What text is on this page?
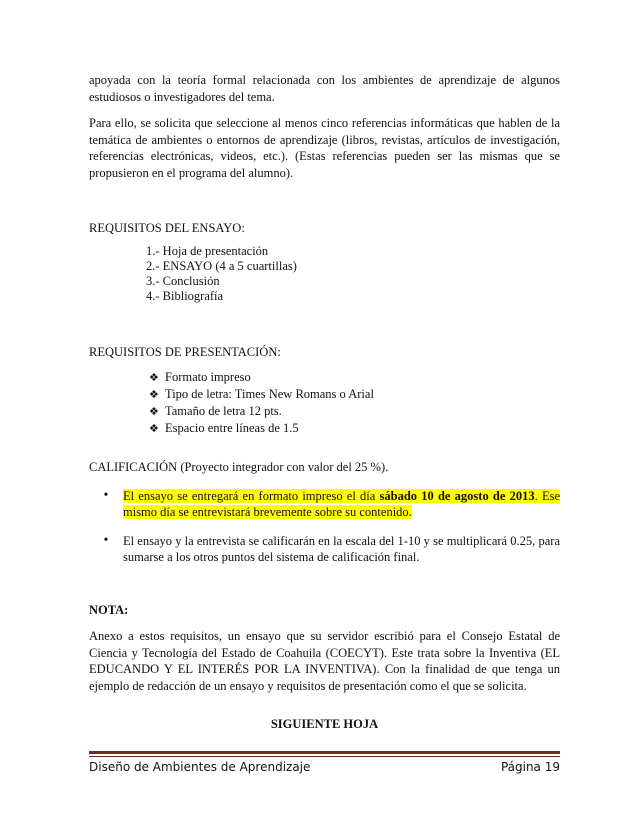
apoyada con la teoría formal relacionada con los ambientes de aprendizaje de algunos estudiosos o investigadores del tema.

Para ello, se solicita que seleccione al menos cinco referencias informáticas que hablen de la temática de ambientes o entornos de aprendizaje (libros, revistas, artículos de investigación, referencias electrónicas, videos, etc.). (Estas referencias pueden ser las mismas que se propusieron en el programa del alumno).

REQUISITOS DEL ENSAYO:

1.- Hoja de presentación
2.- ENSAYO (4 a 5 cuartillas)
3.- Conclusión
4.- Bibliografía

REQUISITOS DE PRESENTACIÓN:

❖ Formato impreso
❖ Tipo de letra: Times New Romans o Arial
❖ Tamaño de letra 12 pts.
❖ Espacio entre líneas de 1.5

CALIFICACIÓN (Proyecto integrador con valor del 25 %).

•	El ensayo se entregará en formato impreso el día sábado 10 de agosto de 2013. Ese mismo día se entrevistará brevemente sobre su contenido.
•	El ensayo y la entrevista se calificarán en la escala del 1-10 y se multiplicará 0.25, para sumarse a los otros puntos del sistema de calificación final.

NOTA:

Anexo a estos requisitos, un ensayo que su servidor escribió para el Consejo Estatal de Ciencia y Tecnología del Estado de Coahuila (COECYT). Este trata sobre la Inventiva (EL EDUCANDO Y EL INTERÉS POR LA INVENTIVA). Con la finalidad de que tenga un ejemplo de redacción de un ensayo y requisitos de presentación como el que se solicita.

SIGUIENTE HOJA

Diseño de Ambientes de Aprendizaje	Página 19
